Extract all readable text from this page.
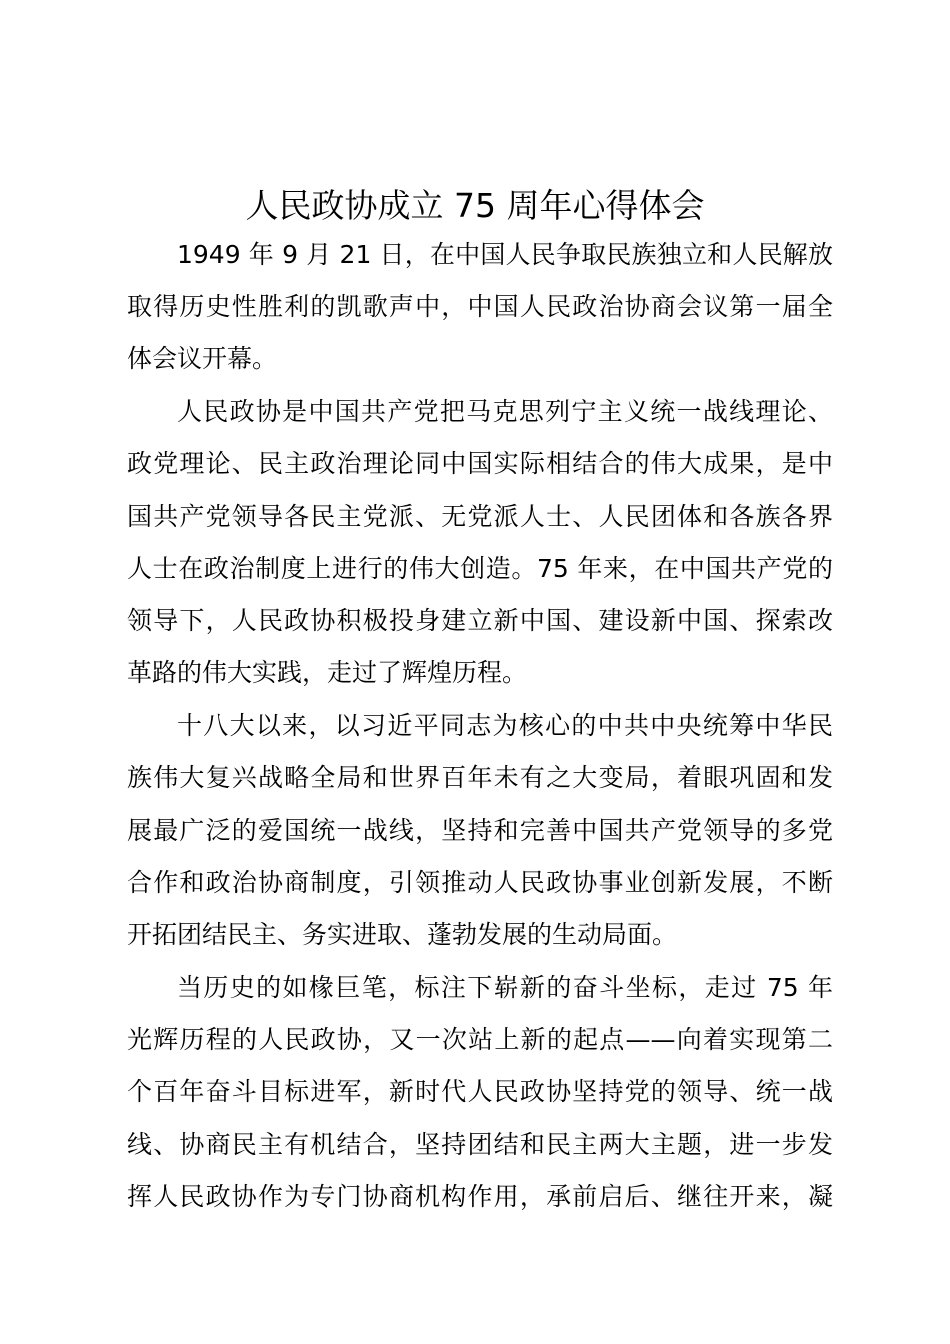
人民政协成立 75 周年心得体会
1949 年 9 月 21 日，在中国人民争取民族独立和人民解放
取得历史性胜利的凯歌声中，中国人民政治协商会议第一届全
体会议开幕。
人民政协是中国共产党把马克思列宁主义统一战线理论、
政党理论、民主政治理论同中国实际相结合的伟大成果，是中
国共产党领导各民主党派、无党派人士、人民团体和各族各界
人士在政治制度上进行的伟大创造。75 年来，在中国共产党的
领导下，人民政协积极投身建立新中国、建设新中国、探索改
革路的伟大实践，走过了辉煌历程。
十八大以来，以习近平同志为核心的中共中央统筹中华民
族伟大复兴战略全局和世界百年未有之大变局，着眼巩固和发
展最广泛的爱国统一战线，坚持和完善中国共产党领导的多党
合作和政治协商制度，引领推动人民政协事业创新发展，不断
开拓团结民主、务实进取、蓬勃发展的生动局面。
当历史的如椽巨笔，标注下崭新的奋斗坐标，走过 75 年
光辉历程的人民政协，又一次站上新的起点——向着实现第二
个百年奋斗目标进军，新时代人民政协坚持党的领导、统一战
线、协商民主有机结合，坚持团结和民主两大主题，进一步发
挥人民政协作为专门协商机构作用，承前启后、继往开来，凝
